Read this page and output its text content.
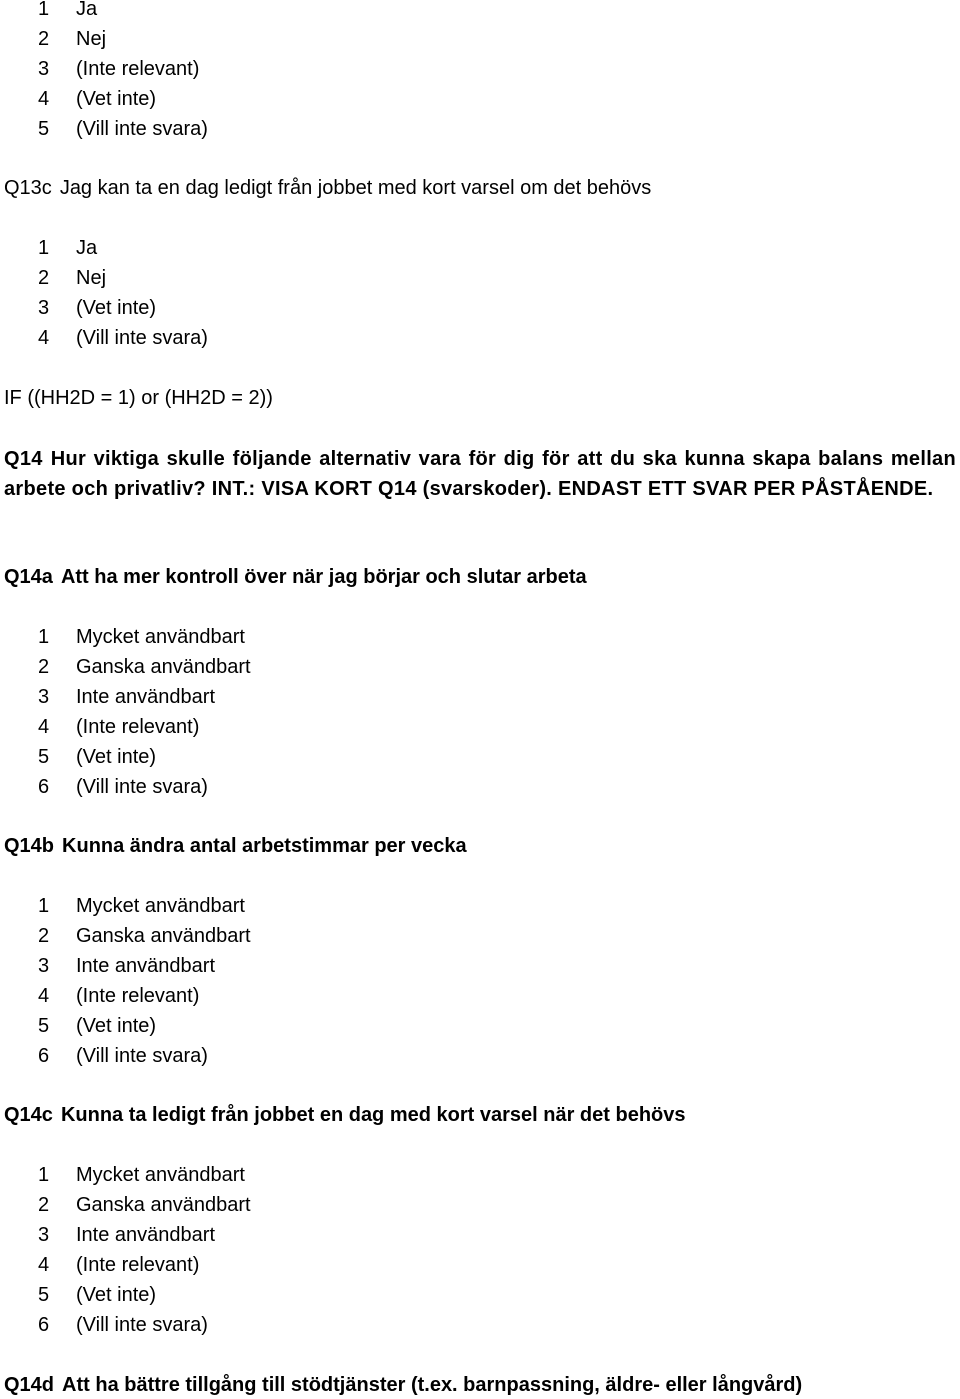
1 Ja
2 Nej
3 (Inte relevant)
4 (Vet inte)
5 (Vill inte svara)
Q13c Jag kan ta en dag ledigt från jobbet med kort varsel om det behövs
1 Ja
2 Nej
3 (Vet inte)
4 (Vill inte svara)
IF ((HH2D = 1) or (HH2D = 2))
Q14 Hur viktiga skulle följande alternativ vara för dig för att du ska kunna skapa balans mellan arbete och privatliv? INT.: VISA KORT Q14 (svarskoder). ENDAST ETT SVAR PER PÅSTÅENDE.
Q14a Att ha mer kontroll över när jag börjar och slutar arbeta
1 Mycket användbart
2 Ganska användbart
3 Inte användbart
4 (Inte relevant)
5 (Vet inte)
6 (Vill inte svara)
Q14b Kunna ändra antal arbetstimmar per vecka
1 Mycket användbart
2 Ganska användbart
3 Inte användbart
4 (Inte relevant)
5 (Vet inte)
6 (Vill inte svara)
Q14c Kunna ta ledigt från jobbet en dag med kort varsel när det behövs
1 Mycket användbart
2 Ganska användbart
3 Inte användbart
4 (Inte relevant)
5 (Vet inte)
6 (Vill inte svara)
Q14d Att ha bättre tillgång till stödtjänster (t.ex. barnpassning, äldre- eller långvård)
